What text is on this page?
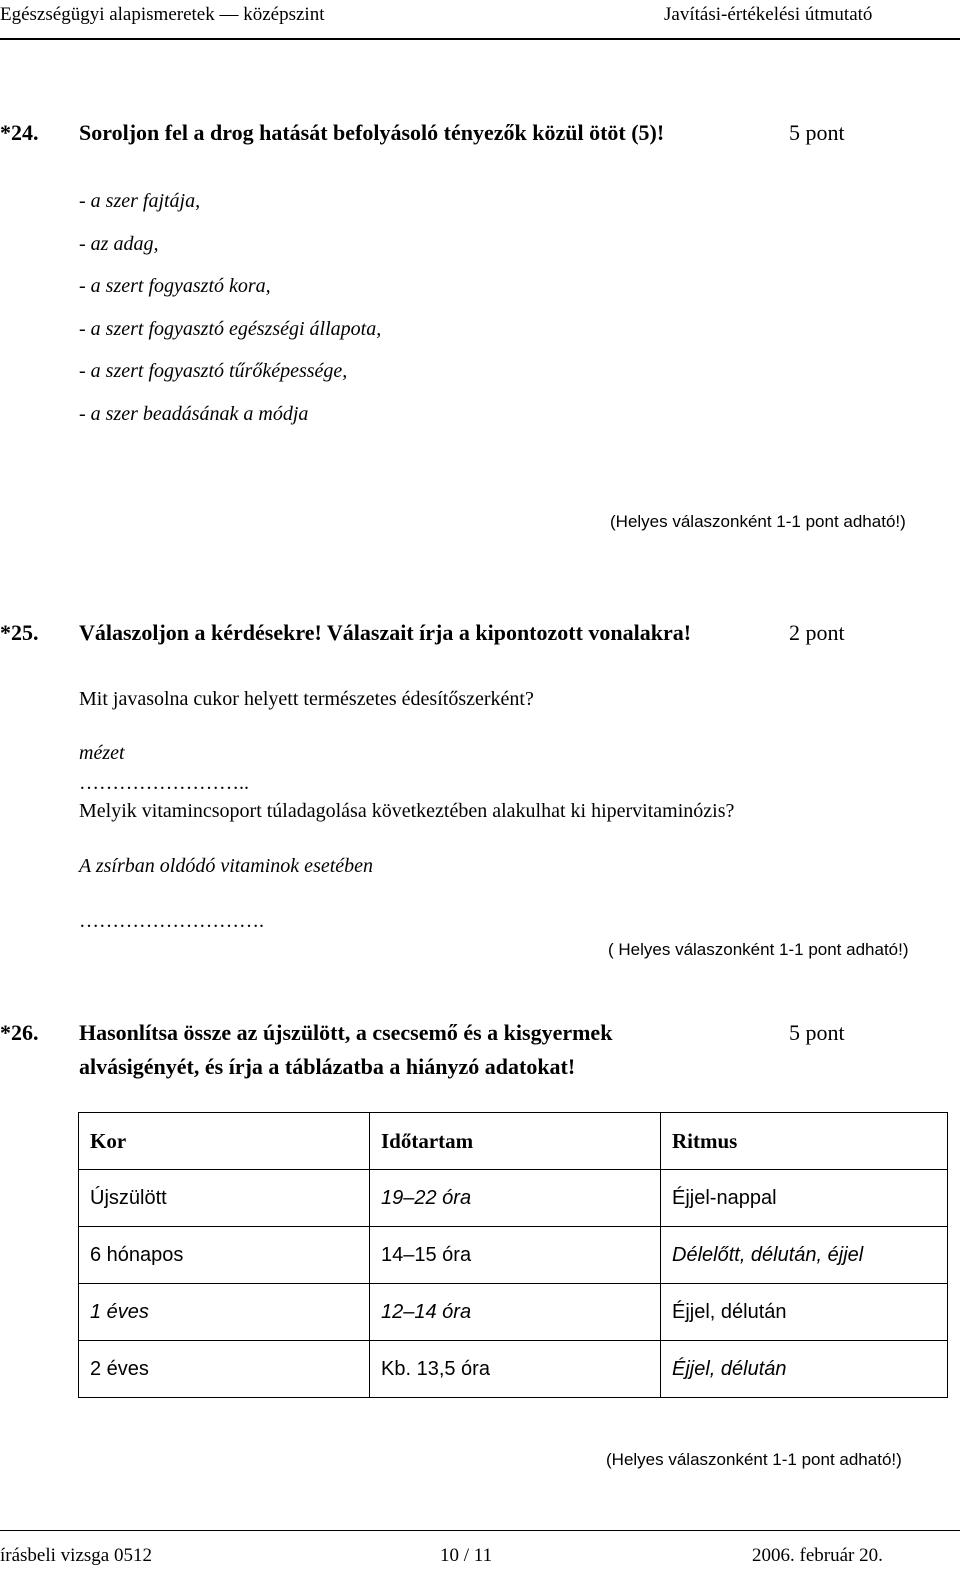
Egészségügyi alapismeretek — középszint	Javítási-értékelési útmutató
*24. Soroljon fel a drog hatását befolyásoló tényezők közül ötöt (5)!	5 pont
- a szer fajtája,
- az adag,
- a szert fogyasztó kora,
- a szert fogyasztó egészségi állapota,
- a szert fogyasztó tűrőképessége,
- a szer beadásának a módja
(Helyes válaszonként 1-1 pont adható!)
*25. Válaszoljon a kérdésekre! Válaszait írja a kipontozott vonalakra!	2 pont
Mit javasolna cukor helyett természetes édesítőszerként?
mézet
……………………..
Melyik vitamincsoport túladagolása következtében alakulhat ki hipervitaminózis?
A zsírban oldódó vitaminok esetében
……………………….
( Helyes válaszonként 1-1 pont adható!)
*26. Hasonlítsa össze az újszülött, a csecsemő és a kisgyermek
alvásigényét, és írja a táblázatba a hiányzó adatokat!
5 pont
Kor	Időtartam	Ritmus
Újszülött	19–22 óra	Éjjel-nappal
6 hónapos	14–15 óra	Délelőtt, délután, éjjel
1 éves	12–14 óra	Éjjel, délután
2 éves	Kb. 13,5 óra	Éjjel, délután
(Helyes válaszonként 1-1 pont adható!)
írásbeli vizsga 0512	10 / 11	2006. február 20.
